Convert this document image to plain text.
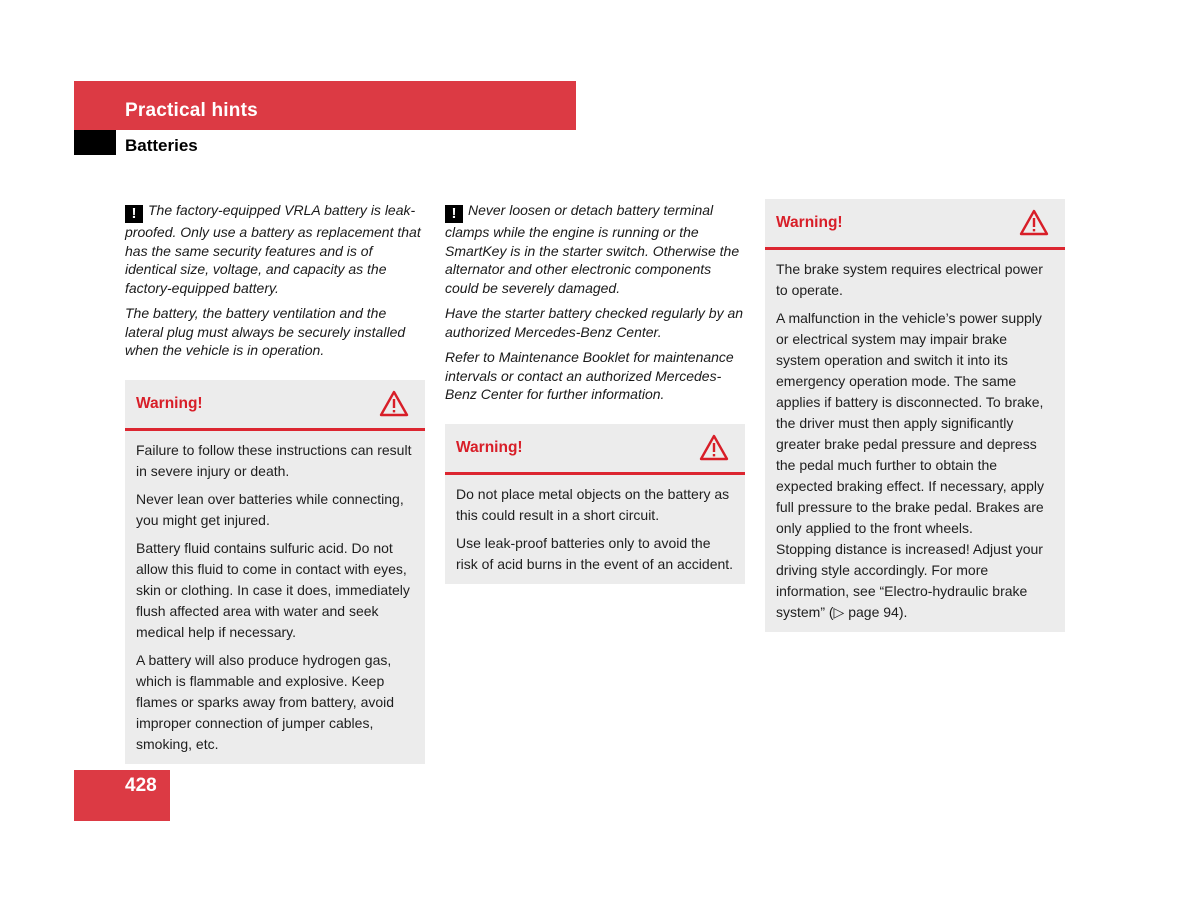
Practical hints
Batteries

! The factory-equipped VRLA battery is leak-proofed. Only use a battery as replacement that has the same security features and is of identical size, voltage, and capacity as the factory-equipped battery.

The battery, the battery ventilation and the lateral plug must always be securely installed when the vehicle is in operation.

Warning!

Failure to follow these instructions can result in severe injury or death.

Never lean over batteries while connecting, you might get injured.

Battery fluid contains sulfuric acid. Do not allow this fluid to come in contact with eyes, skin or clothing. In case it does, immediately flush affected area with water and seek medical help if necessary.

A battery will also produce hydrogen gas, which is flammable and explosive. Keep flames or sparks away from battery, avoid improper connection of jumper cables, smoking, etc.

! Never loosen or detach battery terminal clamps while the engine is running or the SmartKey is in the starter switch. Otherwise the alternator and other electronic components could be severely damaged.

Have the starter battery checked regularly by an authorized Mercedes-Benz Center.

Refer to Maintenance Booklet for maintenance intervals or contact an authorized Mercedes-Benz Center for further information.

Warning!

Do not place metal objects on the battery as this could result in a short circuit.

Use leak-proof batteries only to avoid the risk of acid burns in the event of an accident.

Warning!

The brake system requires electrical power to operate.

A malfunction in the vehicle’s power supply or electrical system may impair brake system operation and switch it into its emergency operation mode. The same applies if battery is disconnected. To brake, the driver must then apply significantly greater brake pedal pressure and depress the pedal much further to obtain the expected braking effect. If necessary, apply full pressure to the brake pedal. Brakes are only applied to the front wheels.

Stopping distance is increased! Adjust your driving style accordingly. For more information, see “Electro-hydraulic brake system” (▷ page 94).

428
